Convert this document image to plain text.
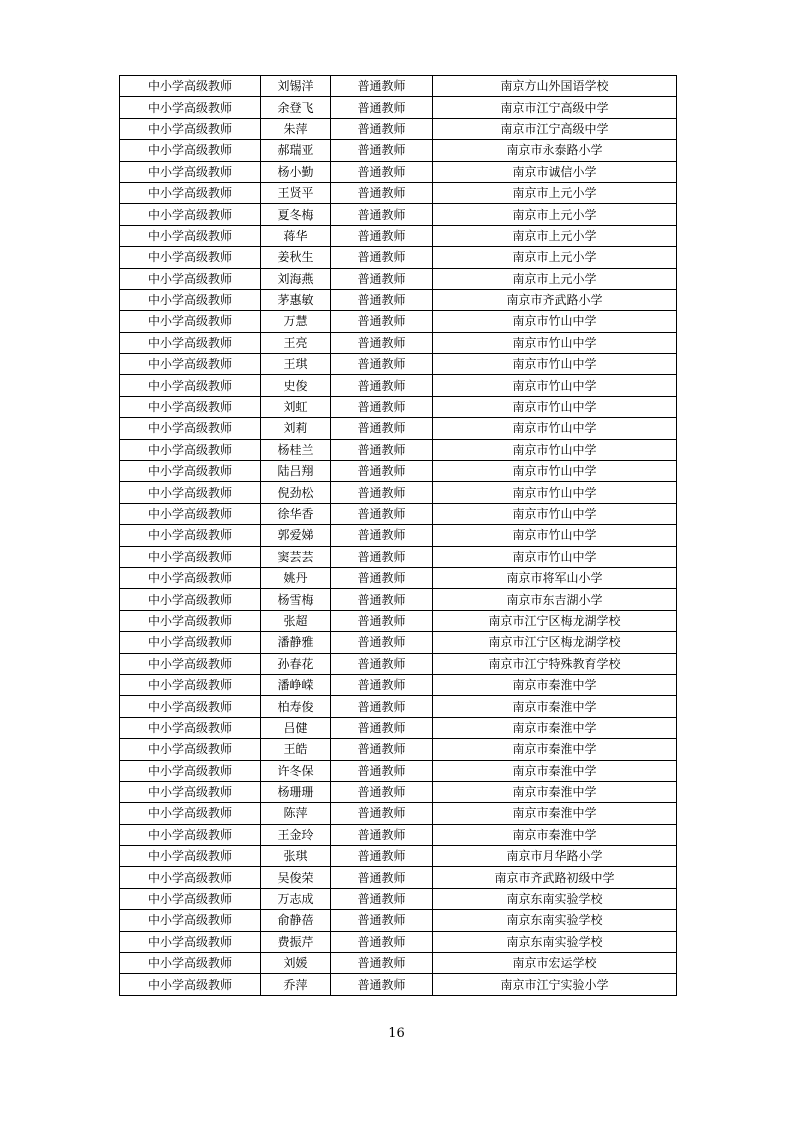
中小学高级教师	刘锡洋	普通教师	南京方山外国语学校
中小学高级教师	余登飞	普通教师	南京市江宁高级中学
中小学高级教师	朱萍	普通教师	南京市江宁高级中学
中小学高级教师	郝瑞亚	普通教师	南京市永泰路小学
中小学高级教师	杨小勤	普通教师	南京市诚信小学
中小学高级教师	王贤平	普通教师	南京市上元小学
中小学高级教师	夏冬梅	普通教师	南京市上元小学
中小学高级教师	蒋华	普通教师	南京市上元小学
中小学高级教师	姜秋生	普通教师	南京市上元小学
中小学高级教师	刘海燕	普通教师	南京市上元小学
中小学高级教师	茅惠敏	普通教师	南京市齐武路小学
中小学高级教师	万慧	普通教师	南京市竹山中学
中小学高级教师	王亮	普通教师	南京市竹山中学
中小学高级教师	王琪	普通教师	南京市竹山中学
中小学高级教师	史俊	普通教师	南京市竹山中学
中小学高级教师	刘虹	普通教师	南京市竹山中学
中小学高级教师	刘莉	普通教师	南京市竹山中学
中小学高级教师	杨桂兰	普通教师	南京市竹山中学
中小学高级教师	陆吕翔	普通教师	南京市竹山中学
中小学高级教师	倪劲松	普通教师	南京市竹山中学
中小学高级教师	徐华香	普通教师	南京市竹山中学
中小学高级教师	郭爱娣	普通教师	南京市竹山中学
中小学高级教师	窦芸芸	普通教师	南京市竹山中学
中小学高级教师	姚丹	普通教师	南京市将军山小学
中小学高级教师	杨雪梅	普通教师	南京市东吉湖小学
中小学高级教师	张超	普通教师	南京市江宁区梅龙湖学校
中小学高级教师	潘静雅	普通教师	南京市江宁区梅龙湖学校
中小学高级教师	孙春花	普通教师	南京市江宁特殊教育学校
中小学高级教师	潘峥嵘	普通教师	南京市秦淮中学
中小学高级教师	柏寿俊	普通教师	南京市秦淮中学
中小学高级教师	吕健	普通教师	南京市秦淮中学
中小学高级教师	王皓	普通教师	南京市秦淮中学
中小学高级教师	许冬保	普通教师	南京市秦淮中学
中小学高级教师	杨珊珊	普通教师	南京市秦淮中学
中小学高级教师	陈萍	普通教师	南京市秦淮中学
中小学高级教师	王金玲	普通教师	南京市秦淮中学
中小学高级教师	张琪	普通教师	南京市月华路小学
中小学高级教师	吴俊荣	普通教师	南京市齐武路初级中学
中小学高级教师	万志成	普通教师	南京东南实验学校
中小学高级教师	俞静蓓	普通教师	南京东南实验学校
中小学高级教师	费振芹	普通教师	南京东南实验学校
中小学高级教师	刘媛	普通教师	南京市宏运学校
中小学高级教师	乔萍	普通教师	南京市江宁实验小学
16
